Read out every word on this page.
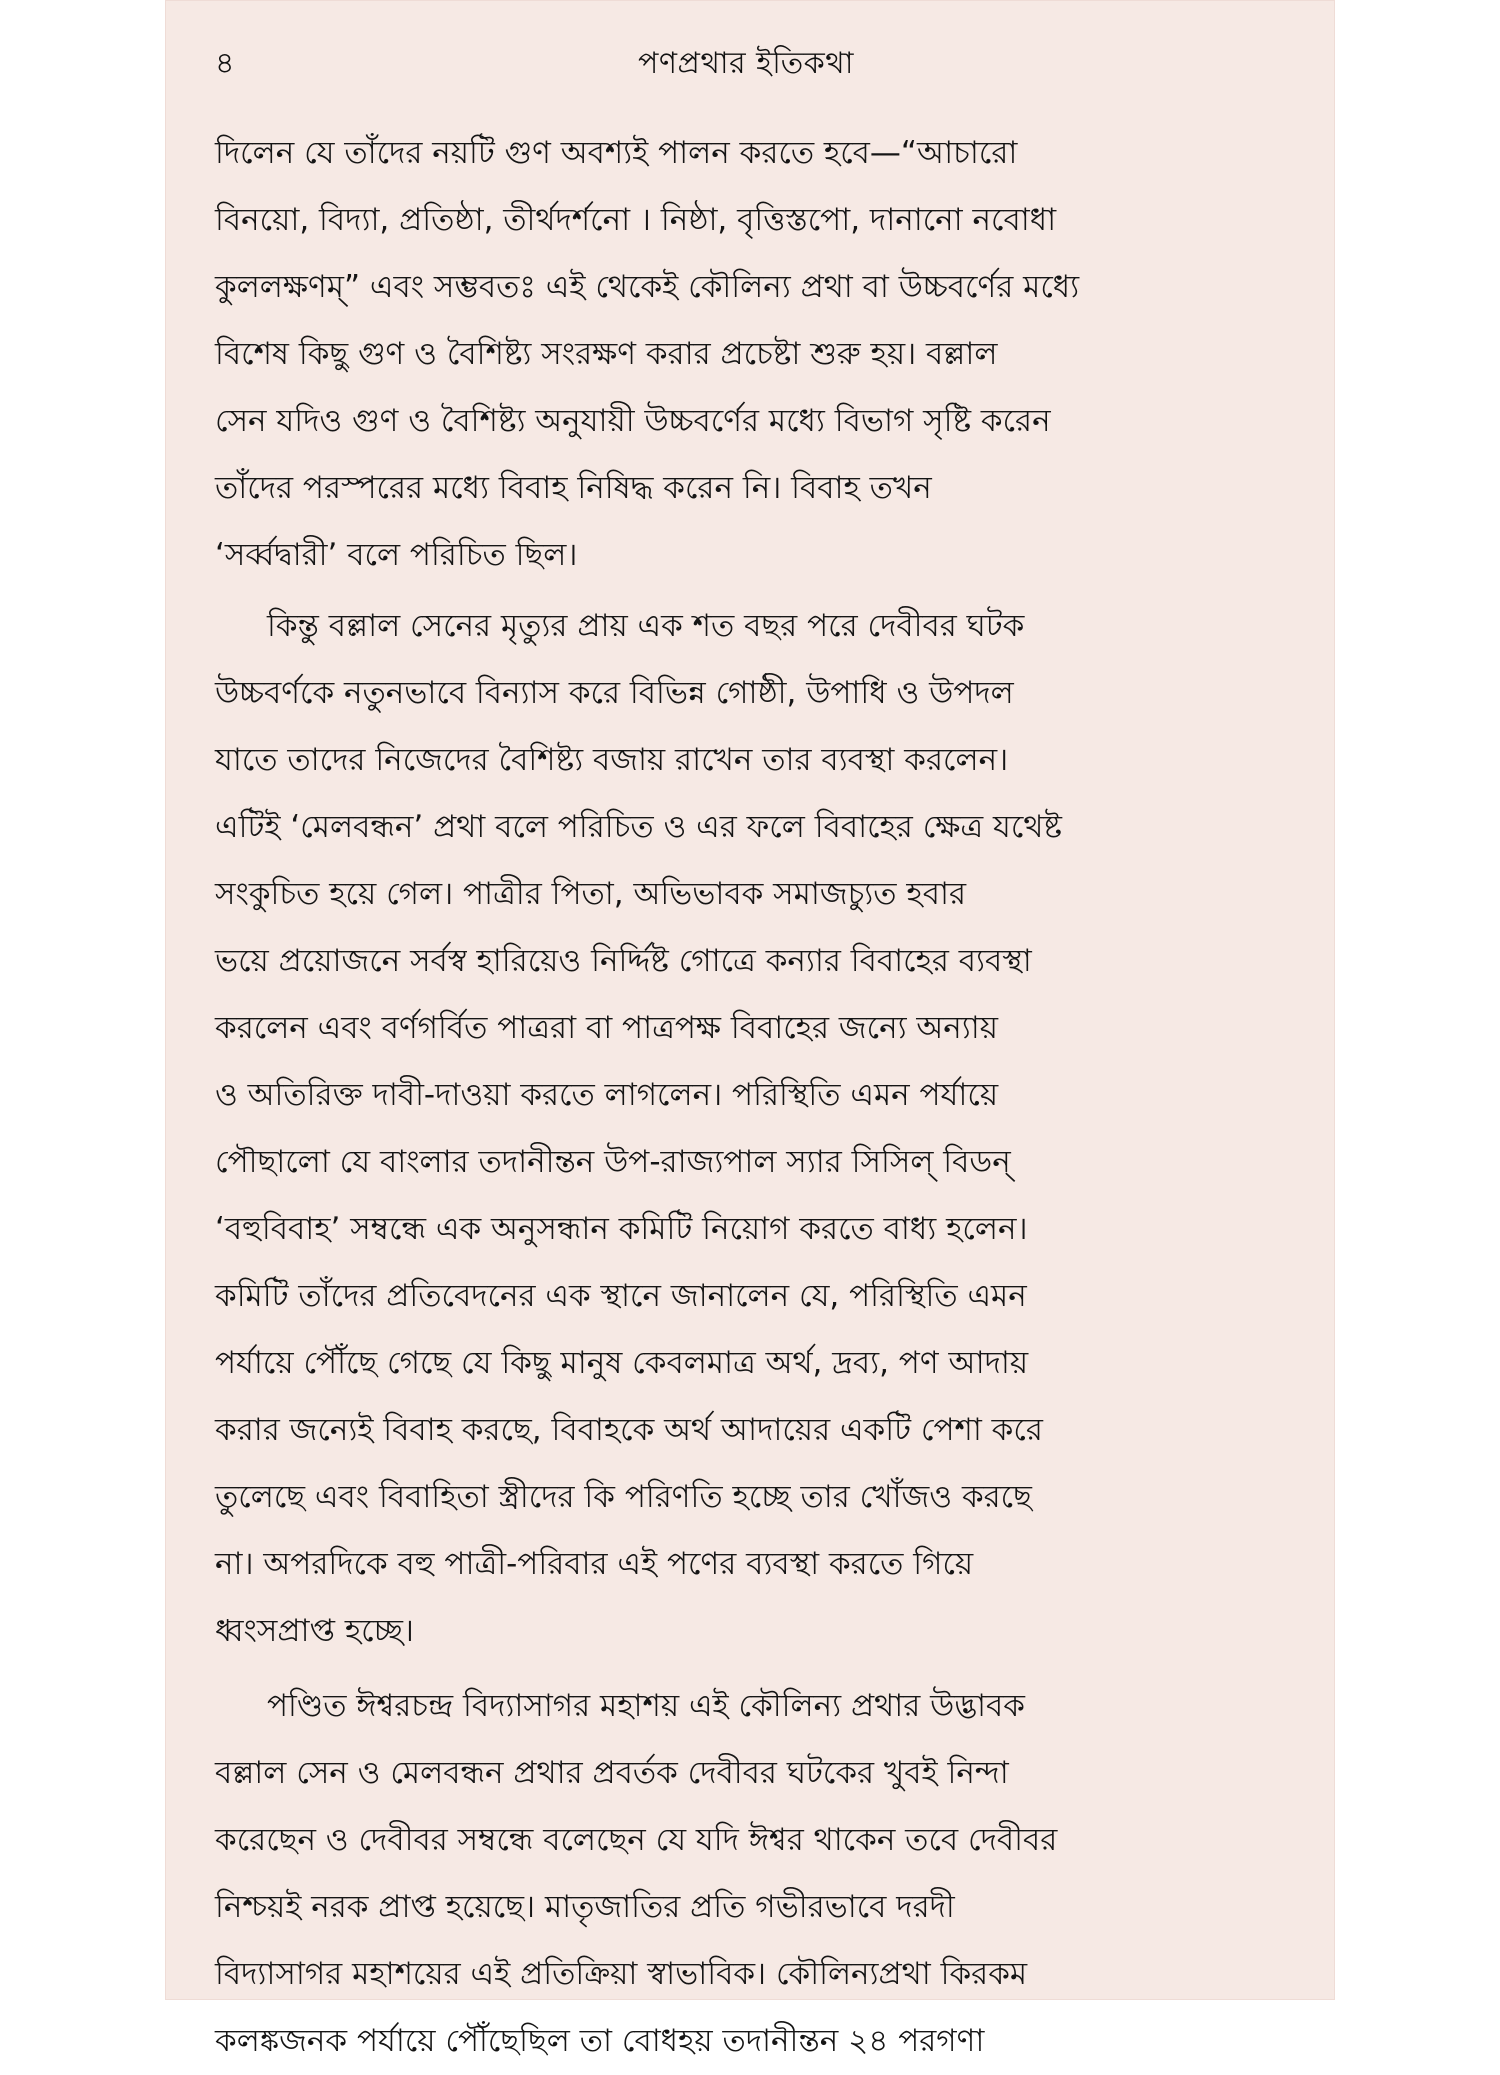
৪	পণপ্রথার ইতিকথা
দিলেন যে তাঁদের নয়টি গুণ অবশ্যই পালন করতে হবে—“আচারো
বিনয়ো, বিদ্যা, প্রতিষ্ঠা, তীর্থদর্শনো । নিষ্ঠা, বৃত্তিস্তপো, দানানো নবোধা
কুললক্ষণম্” এবং সম্ভবতঃ এই থেকেই কৌলিন্য প্রথা বা উচ্চবর্ণের মধ্যে
বিশেষ কিছু গুণ ও বৈশিষ্ট্য সংরক্ষণ করার প্রচেষ্টা শুরু হয়। বল্লাল
সেন যদিও গুণ ও বৈশিষ্ট্য অনুযায়ী উচ্চবর্ণের মধ্যে বিভাগ সৃষ্টি করেন
তাঁদের পরস্পরের মধ্যে বিবাহ নিষিদ্ধ করেন নি। বিবাহ তখন
‘সর্ব্বদ্বারী’ বলে পরিচিত ছিল।
কিন্তু বল্লাল সেনের মৃত্যুর প্রায় এক শত বছর পরে দেবীবর ঘটক
উচ্চবর্ণকে নতুনভাবে বিন্যাস করে বিভিন্ন গোষ্ঠী, উপাধি ও উপদল
যাতে তাদের নিজেদের বৈশিষ্ট্য বজায় রাখেন তার ব্যবস্থা করলেন।
এটিই ‘মেলবন্ধন’ প্রথা বলে পরিচিত ও এর ফলে বিবাহের ক্ষেত্র যথেষ্ট
সংকুচিত হয়ে গেল। পাত্রীর পিতা, অভিভাবক সমাজচ্যুত হবার
ভয়ে প্রয়োজনে সর্বস্ব হারিয়েও নির্দ্দিষ্ট গোত্রে কন্যার বিবাহের ব্যবস্থা
করলেন এবং বর্ণগর্বিত পাত্ররা বা পাত্রপক্ষ বিবাহের জন্যে অন্যায়
ও অতিরিক্ত দাবী-দাওয়া করতে লাগলেন। পরিস্থিতি এমন পর্যায়ে
পৌছালো যে বাংলার তদানীন্তন উপ-রাজ্যপাল স্যার সিসিল্ বিডন্
‘বহুবিবাহ’ সম্বন্ধে এক অনুসন্ধান কমিটি নিয়োগ করতে বাধ্য হলেন।
কমিটি তাঁদের প্রতিবেদনের এক স্থানে জানালেন যে, পরিস্থিতি এমন
পর্যায়ে পৌঁছে গেছে যে কিছু মানুষ কেবলমাত্র অর্থ, দ্রব্য, পণ আদায়
করার জন্যেই বিবাহ করছে, বিবাহকে অর্থ আদায়ের একটি পেশা করে
তুলেছে এবং বিবাহিতা স্ত্রীদের কি পরিণতি হচ্ছে তার খোঁজও করছে
না। অপরদিকে বহু পাত্রী-পরিবার এই পণের ব্যবস্থা করতে গিয়ে
ধ্বংসপ্রাপ্ত হচ্ছে।
পণ্ডিত ঈশ্বরচন্দ্র বিদ্যাসাগর মহাশয় এই কৌলিন্য প্রথার উদ্ভাবক
বল্লাল সেন ও মেলবন্ধন প্রথার প্রবর্তক দেবীবর ঘটকের খুবই নিন্দা
করেছেন ও দেবীবর সম্বন্ধে বলেছেন যে যদি ঈশ্বর থাকেন তবে দেবীবর
নিশ্চয়ই নরক প্রাপ্ত হয়েছে। মাতৃজাতির প্রতি গভীরভাবে দরদী
বিদ্যাসাগর মহাশয়ের এই প্রতিক্রিয়া স্বাভাবিক। কৌলিন্যপ্রথা কিরকম
কলঙ্কজনক পর্যায়ে পৌঁছেছিল তা বোধহয় তদানীন্তন ২৪ পরগণা
